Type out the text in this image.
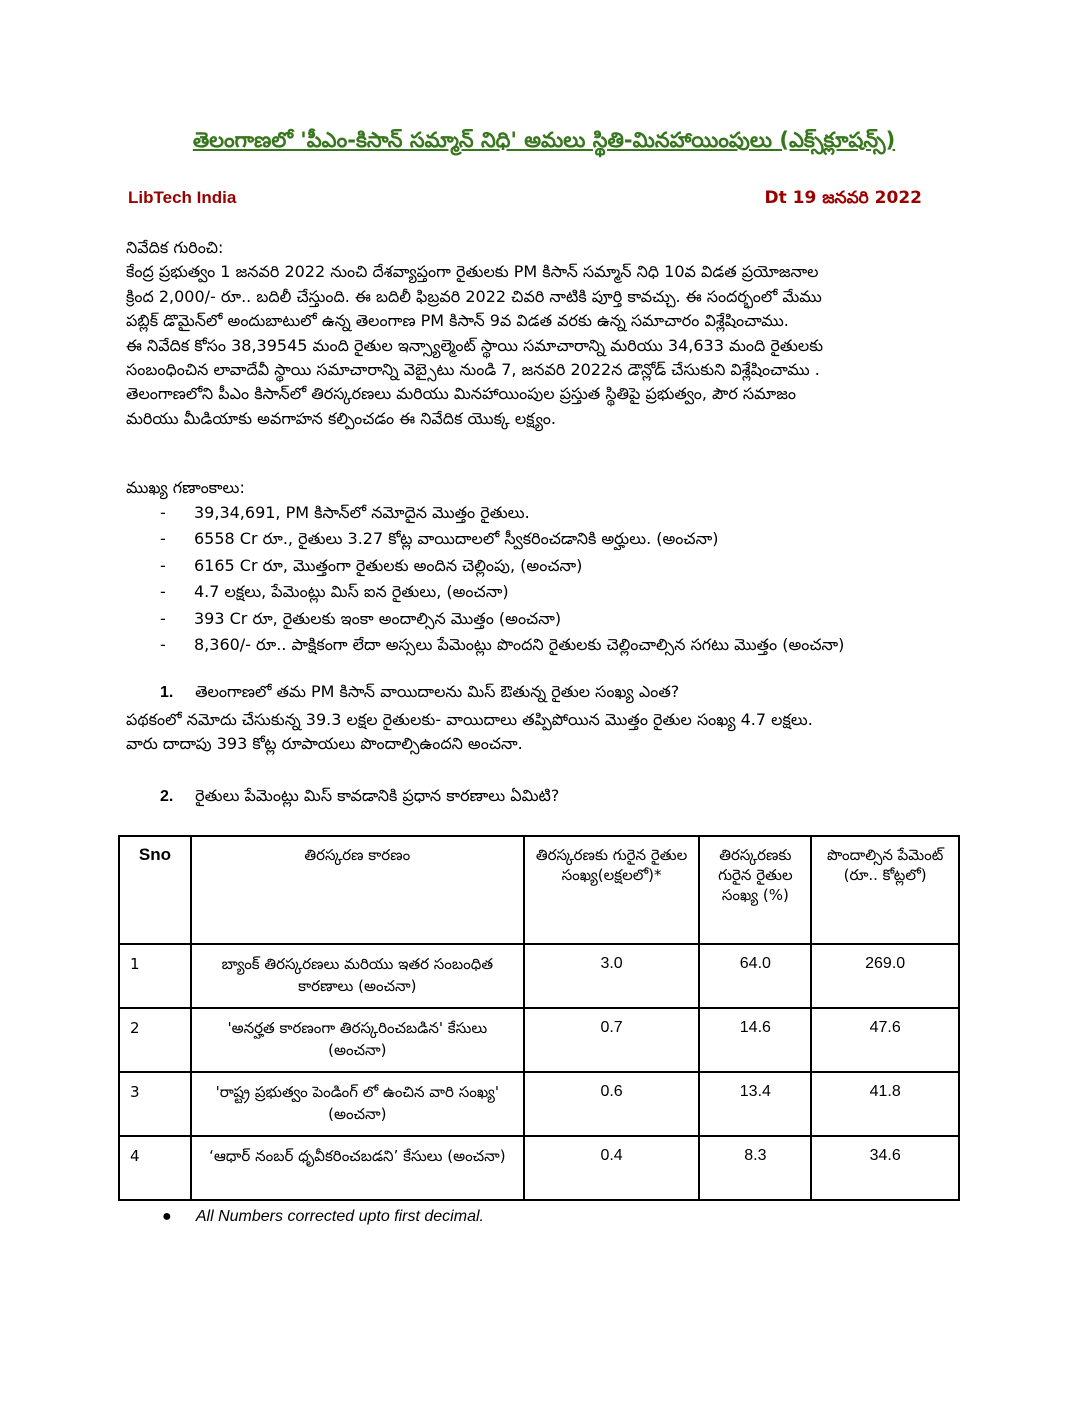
తెలంగాణలో 'పీఎం-కిసాన్ సమ్మాన్ నిధి' అమలు స్థితి-మినహాయింపులు (ఎక్స్‌క్లూషన్స్)
LibTech India	Dt 19 జనవరి 2022
నివేదిక గురించి:
కేంద్ర ప్రభుత్వం 1 జనవరి 2022 నుంచి దేశవ్యాప్తంగా రైతులకు PM కిసాన్ సమ్మాన్ నిధి 10వ విడత ప్రయోజనాల
క్రింద 2,000/- రూ.. బదిలీ చేస్తుంది. ఈ బదిలీ ఫిబ్రవరి 2022 చివరి నాటికి పూర్తి కావచ్చు. ఈ సందర్భంలో మేము
పబ్లిక్ డొమైన్‌లో అందుబాటులో ఉన్న తెలంగాణ PM కిసాన్ 9వ విడత వరకు ఉన్న సమాచారం విశ్లేషించాము.
ఈ నివేదిక కోసం 38,39545 మంది రైతుల ఇన్స్యాల్మెంట్ స్థాయి సమాచారాన్ని మరియు 34,633 మంది రైతులకు
సంబంధించిన లావాదేవీ స్థాయి సమాచారాన్ని వెబ్సైటు నుండి 7, జనవరి 2022న డౌన్లోడ్ చేసుకుని విశ్లేషించాము .
తెలంగాణలోని పీఎం కిసాన్‌లో తిరస్కరణలు మరియు మినహాయింపుల ప్రస్తుత స్థితిపై ప్రభుత్వం, పౌర సమాజం
మరియు మీడియాకు అవగాహన కల్పించడం ఈ నివేదిక యొక్క లక్ష్యం.
ముఖ్య గణాంకాలు:
- 39,34,691, PM కిసాన్‌లో నమోదైన మొత్తం రైతులు.
- 6558 Cr రూ., రైతులు 3.27 కోట్ల వాయిదాలలో స్వీకరించడానికి అర్హులు. (అంచనా)
- 6165 Cr రూ, మొత్తంగా రైతులకు అందిన చెల్లింపు, (అంచనా)
- 4.7 లక్షలు, పేమెంట్లు మిస్ ఐన రైతులు, (అంచనా)
- 393 Cr రూ, రైతులకు ఇంకా అందాల్సిన మొత్తం (అంచనా)
- 8,360/- రూ.. పాక్షికంగా లేదా అస్సలు పేమెంట్లు పొందని రైతులకు చెల్లించాల్సిన సగటు మొత్తం (అంచనా)
1. తెలంగాణలో తమ PM కిసాన్ వాయిదాలను మిస్ ఔతున్న రైతుల సంఖ్య ఎంత?
పథకంలో నమోదు చేసుకున్న 39.3 లక్షల రైతులకు- వాయిదాలు తప్పిపోయిన మొత్తం రైతుల సంఖ్య 4.7 లక్షలు.
వారు దాదాపు 393 కోట్ల రూపాయలు పొందాల్సిఉందని అంచనా.
2. రైతులు పేమెంట్లు మిస్ కావడానికి ప్రధాన కారణాలు ఏమిటి?
Sno	తిరస్కరణ కారణం	తిరస్కరణకు గురైన రైతుల సంఖ్య(లక్షలలో)*	తిరస్కరణకు గురైన రైతుల సంఖ్య (%)	పొందాల్సిన పేమెంట్ (రూ.. కోట్లలో)
1	బ్యాంక్ తిరస్కరణలు మరియు ఇతర సంబంధిత కారణాలు (అంచనా)	3.0	64.0	269.0
2	'అనర్హత కారణంగా తిరస్కరించబడిన' కేసులు (అంచనా)	0.7	14.6	47.6
3	'రాష్ట్ర ప్రభుత్వం పెండింగ్ లో ఉంచిన వారి సంఖ్య' (అంచనా)	0.6	13.4	41.8
4	‘ఆధార్ నంబర్ ధృవీకరించబడని’ కేసులు (అంచనా)	0.4	8.3	34.6
● All Numbers corrected upto first decimal.
